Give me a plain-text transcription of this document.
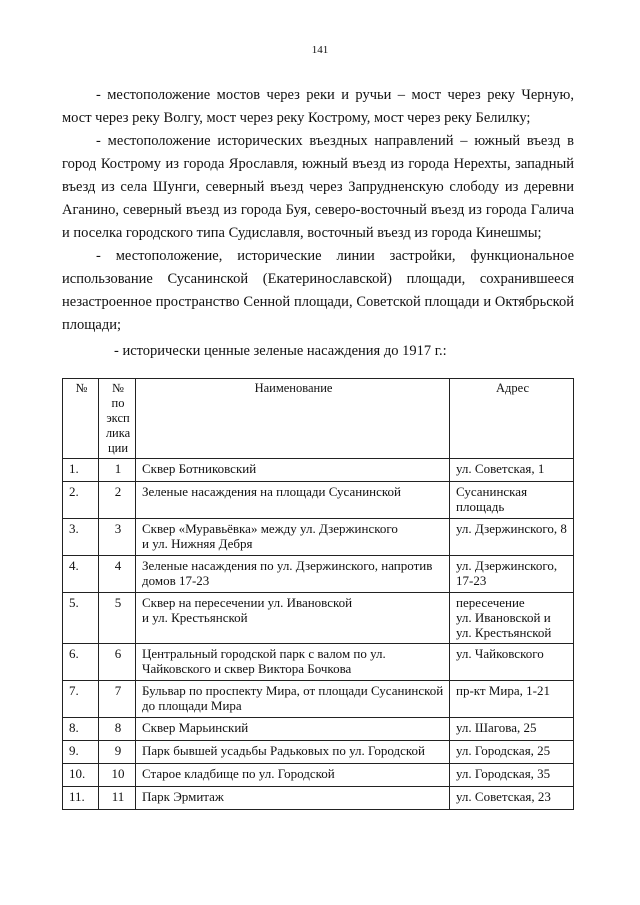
141

- местоположение мостов через реки и ручьи – мост через реку Черную, мост через реку Волгу, мост через реку Кострому, мост через реку Белилку;

- местоположение исторических въездных направлений – южный въезд в город Кострому из города Ярославля, южный въезд из города Нерехты, западный въезд из села Шунги, северный въезд через Запрудненскую слободу из деревни Аганино, северный въезд из города Буя, северо-восточный въезд из города Галича и поселка городского типа Судиславля, восточный въезд из города Кинешмы;

- местоположение, исторические линии застройки, функциональное использование Сусанинской (Екатеринославской) площади, сохранившееся незастроенное пространство Сенной площади, Советской площади и Октябрьской площади;

- исторически ценные зеленые насаждения до 1917 г.:
№	№
по
эксп
лика
ции	Наименование	Адрес
1.	1	Сквер Ботниковский	ул. Советская, 1
2.	2	Зеленые насаждения на площади Сусанинской	Сусанинская
площадь
3.	3	Сквер «Муравьёвка» между ул. Дзержинского
и ул. Нижняя Дебря	ул. Дзержинского, 8
4.	4	Зеленые насаждения по ул. Дзержинского, напротив
домов 17-23	ул. Дзержинского,
17-23
5.	5	Сквер на пересечении ул. Ивановской
и ул. Крестьянской	пересечение
ул. Ивановской и
ул. Крестьянской
6.	6	Центральный городской парк с валом по ул.
Чайковского и сквер Виктора Бочкова	ул. Чайковского
7.	7	Бульвар по проспекту Мира, от площади Сусанинской
до площади Мира	пр-кт Мира, 1-21
8.	8	Сквер Марьинский	ул. Шагова, 25
9.	9	Парк бывшей усадьбы Радьковых по ул. Городской	ул. Городская, 25
10.	10	Старое кладбище по ул. Городской	ул. Городская, 35
11.	11	Парк Эрмитаж	ул. Советская, 23
